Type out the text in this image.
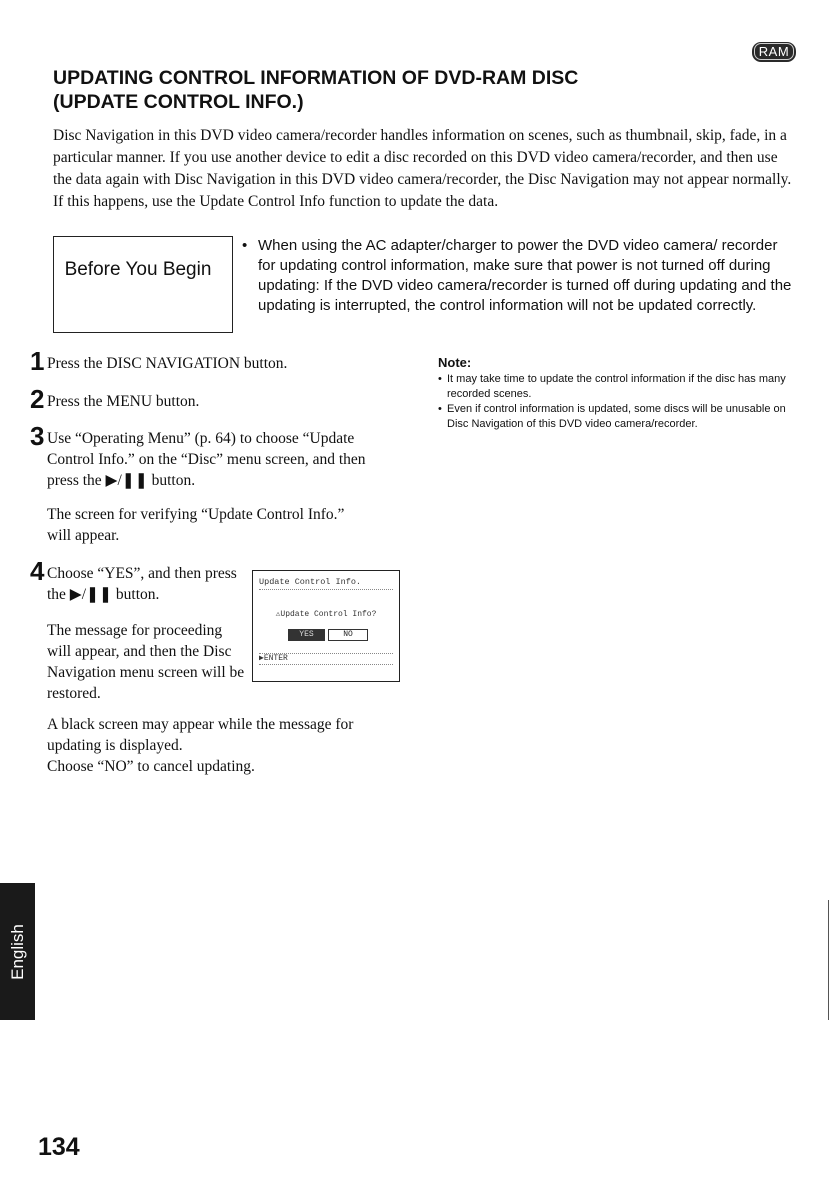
RAM
UPDATING CONTROL INFORMATION OF DVD-RAM DISC
(UPDATE CONTROL INFO.)
Disc Navigation in this DVD video camera/recorder handles information on scenes, such as thumbnail, skip, fade, in a particular manner. If you use another device to edit a disc recorded on this DVD video camera/recorder, and then use the data again with Disc Navigation in this DVD video camera/recorder, the Disc Navigation may not appear normally. If this happens, use the Update Control Info function to update the data.
Before You Begin
• When using the AC adapter/charger to power the DVD video camera/ recorder for updating control information, make sure that power is not turned off during updating: If the DVD video camera/recorder is turned off during updating and the updating is interrupted, the control information will not be updated correctly.
1 Press the DISC NAVIGATION button.
2 Press the MENU button.
3 Use “Operating Menu” (p. 64) to choose “Update Control Info.” on the “Disc” menu screen, and then press the ▶/❚❚ button.
The screen for verifying “Update Control Info.” will appear.
4 Choose “YES”, and then press the ▶/❚❚ button.
The message for proceeding will appear, and then the Disc Navigation menu screen will be restored.
A black screen may appear while the message for updating is displayed.
Choose “NO” to cancel updating.
Update Control Info.
⚠Update Control Info?
YES	NO
▶ENTER
Note:
• It may take time to update the control information if the disc has many recorded scenes.
• Even if control information is updated, some discs will be unusable on Disc Navigation of this DVD video camera/recorder.
English
134
